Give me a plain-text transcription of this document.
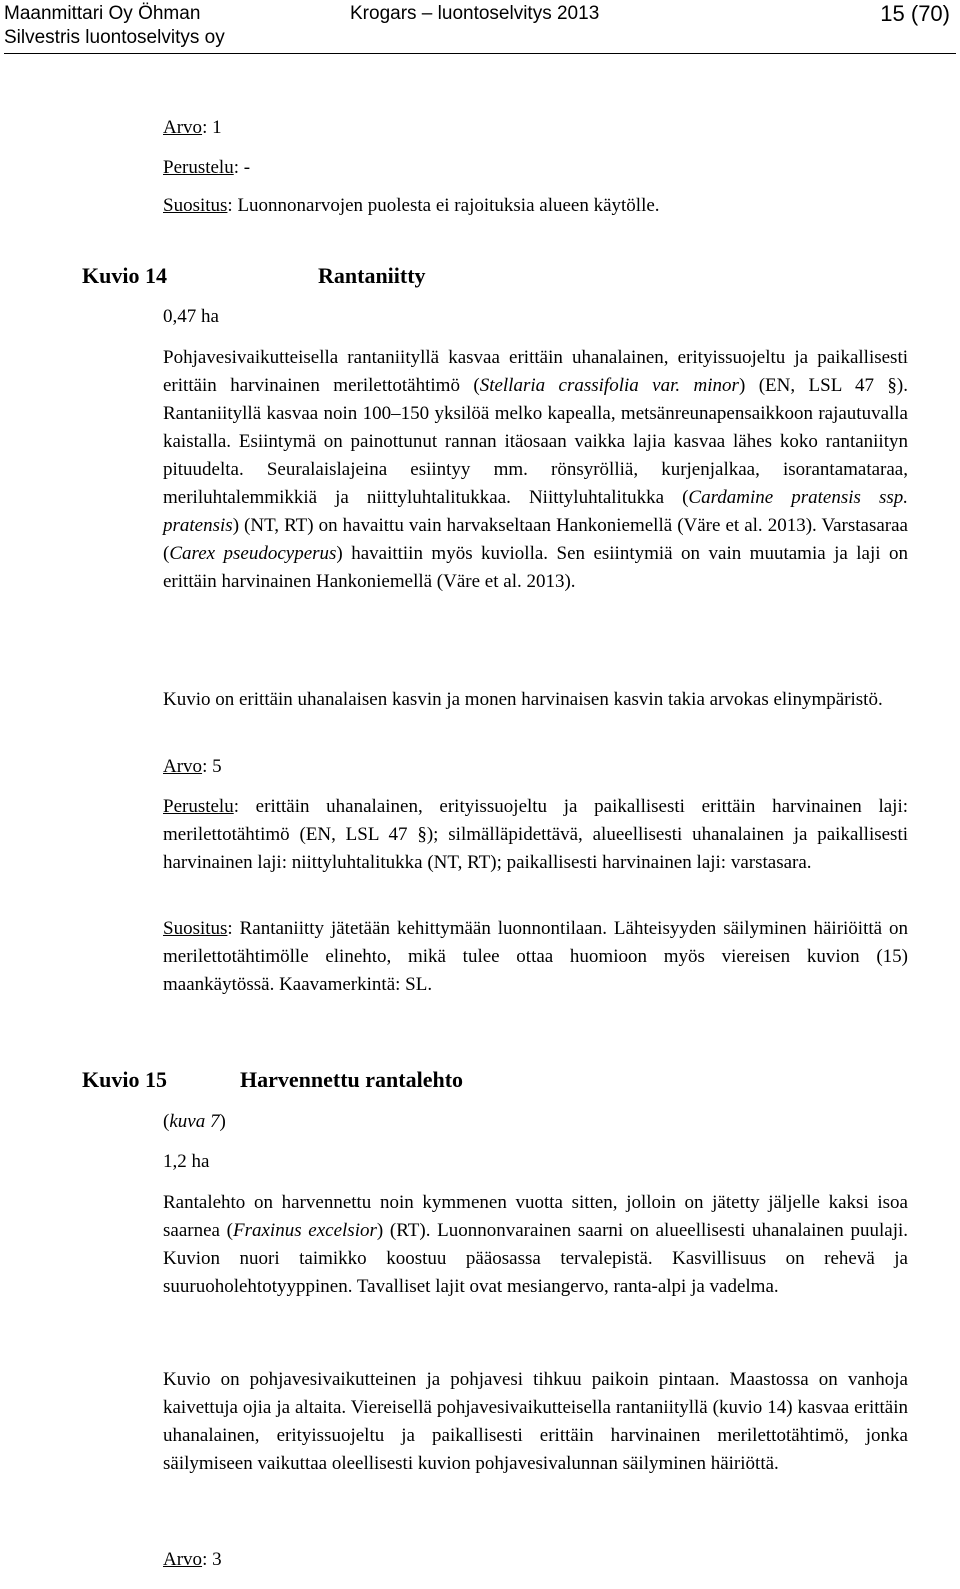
Maanmittari Oy Öhman
Silvestris luontoselvitys oy
Krogars – luontoselvitys 2013	15 (70)

Arvo: 1

Perustelu: -

Suositus: Luonnonarvojen puolesta ei rajoituksia alueen käytölle.

Kuvio 14	Rantaniitty
0,47 ha

Pohjavesivaikutteisella rantaniityllä kasvaa erittäin uhanalainen, erityissuojeltu ja paikallisesti erittäin harvinainen merilettotähtimö (Stellaria crassifolia var. minor) (EN, LSL 47 §). Rantaniityllä kasvaa noin 100–150 yksilöä melko kapealla, metsänreunapensaikkoon rajautuvalla kaistalla. Esiintymä on painottunut rannan itäosaan vaikka lajia kasvaa lähes koko rantaniityn pituudelta. Seuralaislajeina esiintyy mm. rönsyrölliä, kurjenjalkaa, isorantamataraa, meriluhtalemmikkiä ja niittyluhtalitukkaa. Niittyluhtalitukka (Cardamine pratensis ssp. pratensis) (NT, RT) on havaittu vain harvakseltaan Hankoniemellä (Väre et al. 2013). Varstasaraa (Carex pseudocyperus) havaittiin myös kuviolla. Sen esiintymiä on vain muutamia ja laji on erittäin harvinainen Hankoniemellä (Väre et al. 2013).

Kuvio on erittäin uhanalaisen kasvin ja monen harvinaisen kasvin takia arvokas elinympäristö.
Arvo: 5

Perustelu: erittäin uhanalainen, erityissuojeltu ja paikallisesti erittäin harvinainen laji: merilettotähtimö (EN, LSL 47 §); silmälläpidettävä, alueellisesti uhanalainen ja paikallisesti harvinainen laji: niittyluhtalitukka (NT, RT); paikallisesti harvinainen laji: varstasara.

Suositus: Rantaniitty jätetään kehittymään luonnontilaan. Lähteisyyden säilyminen häiriöittä on merilettotähtimölle elinehto, mikä tulee ottaa huomioon myös viereisen kuvion (15) maankäytössä. Kaavamerkintä: SL.

Kuvio 15	Harvennettu rantalehto
(kuva 7)
1,2 ha

Rantalehto on harvennettu noin kymmenen vuotta sitten, jolloin on jätetty jäljelle kaksi isoa saarnea (Fraxinus excelsior) (RT). Luonnonvarainen saarni on alueellisesti uhanalainen puulaji. Kuvion nuori taimikko koostuu pääosassa tervalepistä. Kasvillisuus on rehevä ja suuruoholehtotyyppinen. Tavalliset lajit ovat mesiangervo, ranta-alpi ja vadelma.

Kuvio on pohjavesivaikutteinen ja pohjavesi tihkuu paikoin pintaan. Maastossa on vanhoja kaivettuja ojia ja altaita. Viereisellä pohjavesivaikutteisella rantaniityllä (kuvio 14) kasvaa erittäin uhanalainen, erityissuojeltu ja paikallisesti erittäin harvinainen merilettotähtimö, jonka säilymiseen vaikuttaa oleellisesti kuvion pohjavesivalunnan säilyminen häiriöttä.
Arvo: 3
